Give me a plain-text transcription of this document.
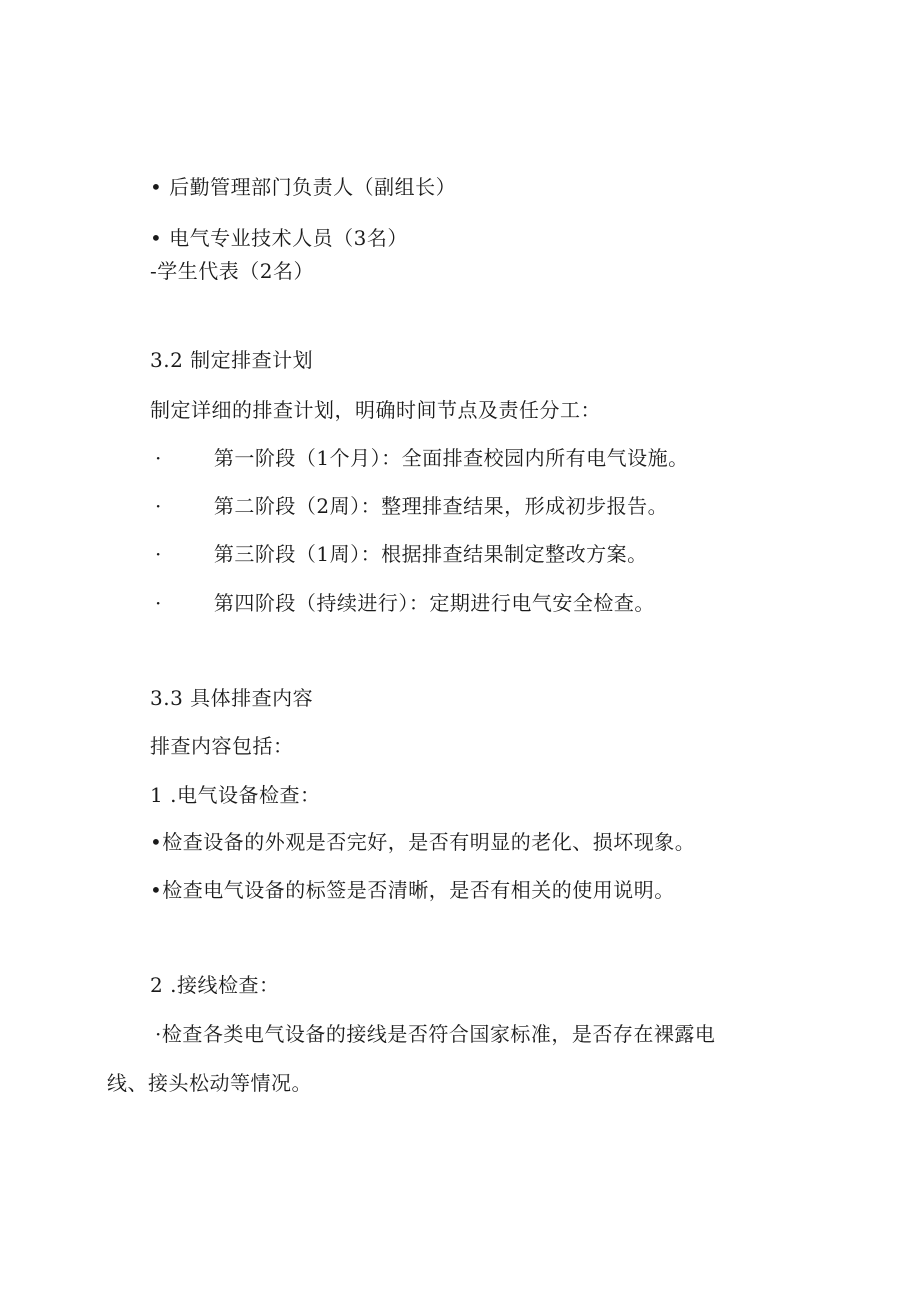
• 后勤管理部门负责人（副组长）
• 电气专业技术人员（3名）
-学生代表（2名）
3.2 制定排查计划
制定详细的排查计划，明确时间节点及责任分工：
·	第一阶段（1个月）：全面排查校园内所有电气设施。
·	第二阶段（2周）：整理排查结果，形成初步报告。
·	第三阶段（1周）：根据排查结果制定整改方案。
·	第四阶段（持续进行）：定期进行电气安全检查。
3.3 具体排查内容
排查内容包括：
1 .电气设备检查：
•检查设备的外观是否完好，是否有明显的老化、损坏现象。
•检查电气设备的标签是否清晰，是否有相关的使用说明。
2 .接线检查：
·检查各类电气设备的接线是否符合国家标准，是否存在裸露电
线、接头松动等情况。
